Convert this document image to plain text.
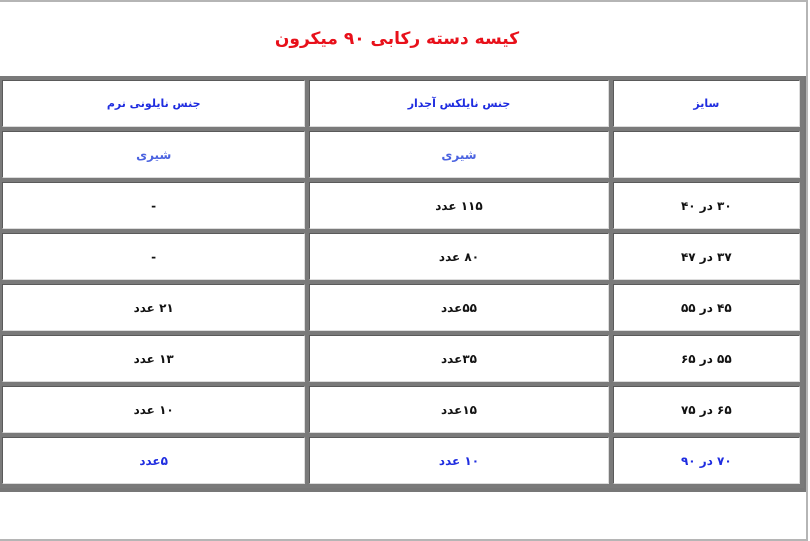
کیسه دسته رکابی ۹۰ میکرون
سایز	جنس نایلکس آجدار	جنس نایلونی نرم
	شیری	شیری
۳۰ در ۴۰	۱۱۵ عدد	-
۳۷ در ۴۷	۸۰ عدد	-
۴۵ در ۵۵	۵۵عدد	۲۱ عدد
۵۵ در ۶۵	۳۵عدد	۱۳ عدد
۶۵ در ۷۵	۱۵عدد	۱۰ عدد
۷۰ در ۹۰	۱۰ عدد	۵عدد
